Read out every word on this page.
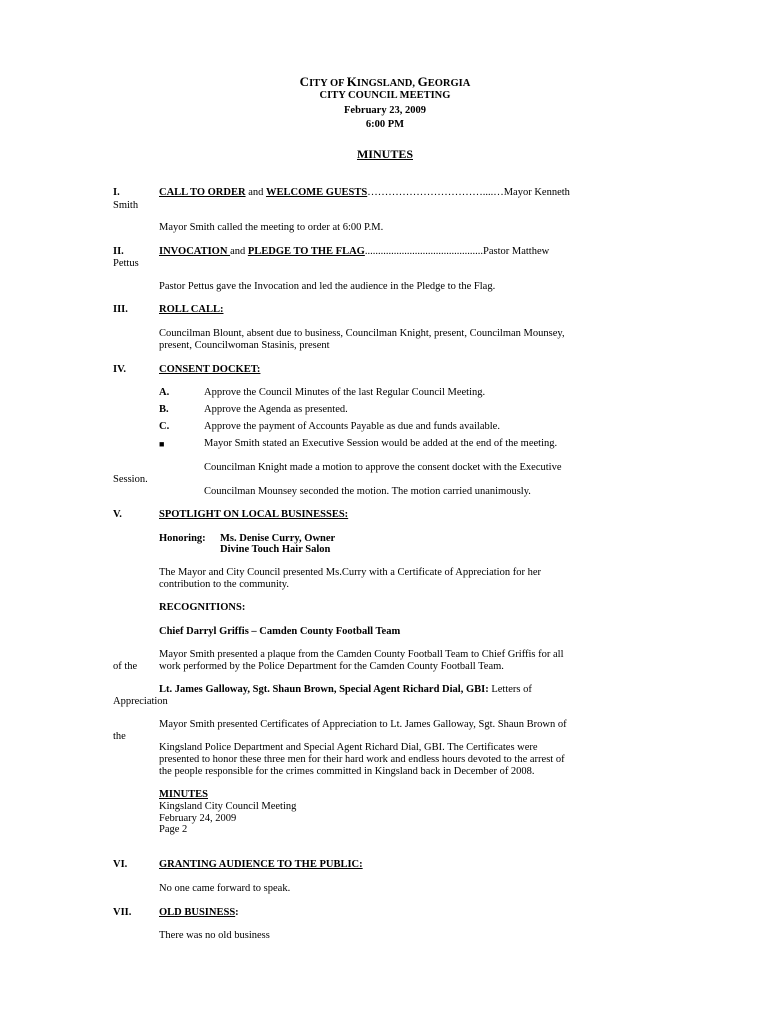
CITY OF KINGSLAND, GEORGIA
CITY COUNCIL MEETING
February 23, 2009
6:00 PM
MINUTES
I.	CALL TO ORDER and WELCOME GUESTS……………………………....…Mayor Kenneth
Smith
Mayor Smith called the meeting to order at 6:00 P.M.
II.	INVOCATION and PLEDGE TO THE FLAG.............................................Pastor Matthew
Pettus
Pastor Pettus gave the Invocation and led the audience in the Pledge to the Flag.
III.	ROLL CALL:
Councilman Blount, absent due to business, Councilman Knight, present, Councilman Mounsey,
present, Councilwoman Stasinis, present
IV.	CONSENT DOCKET:
A.	Approve the Council Minutes of the last Regular Council Meeting.
B.	Approve the Agenda as presented.
C.	Approve the payment of Accounts Payable as due and funds available.
■	Mayor Smith stated an Executive Session would be added at the end of the meeting.
Councilman Knight made a motion to approve the consent docket with the Executive
Session.
Councilman Mounsey seconded the motion. The motion carried unanimously.
V.	SPOTLIGHT ON LOCAL BUSINESSES:
Honoring: Ms. Denise Curry, Owner
Divine Touch Hair Salon
The Mayor and City Council presented Ms.Curry with a Certificate of Appreciation for her
contribution to the community.
RECOGNITIONS:
Chief Darryl Griffis – Camden County Football Team
Mayor Smith presented a plaque from the Camden County Football Team to Chief Griffis for all
of the work performed by the Police Department for the Camden County Football Team.
Lt. James Galloway, Sgt. Shaun Brown, Special Agent Richard Dial, GBI: Letters of
Appreciation
Mayor Smith presented Certificates of Appreciation to Lt. James Galloway, Sgt. Shaun Brown of
the
Kingsland Police Department and Special Agent Richard Dial, GBI. The Certificates were
presented to honor these three men for their hard work and endless hours devoted to the arrest of
the people responsible for the crimes committed in Kingsland back in December of 2008.
MINUTES
Kingsland City Council Meeting
February 24, 2009
Page 2
VI.	GRANTING AUDIENCE TO THE PUBLIC:
No one came forward to speak.
VII.	OLD BUSINESS:
There was no old business
